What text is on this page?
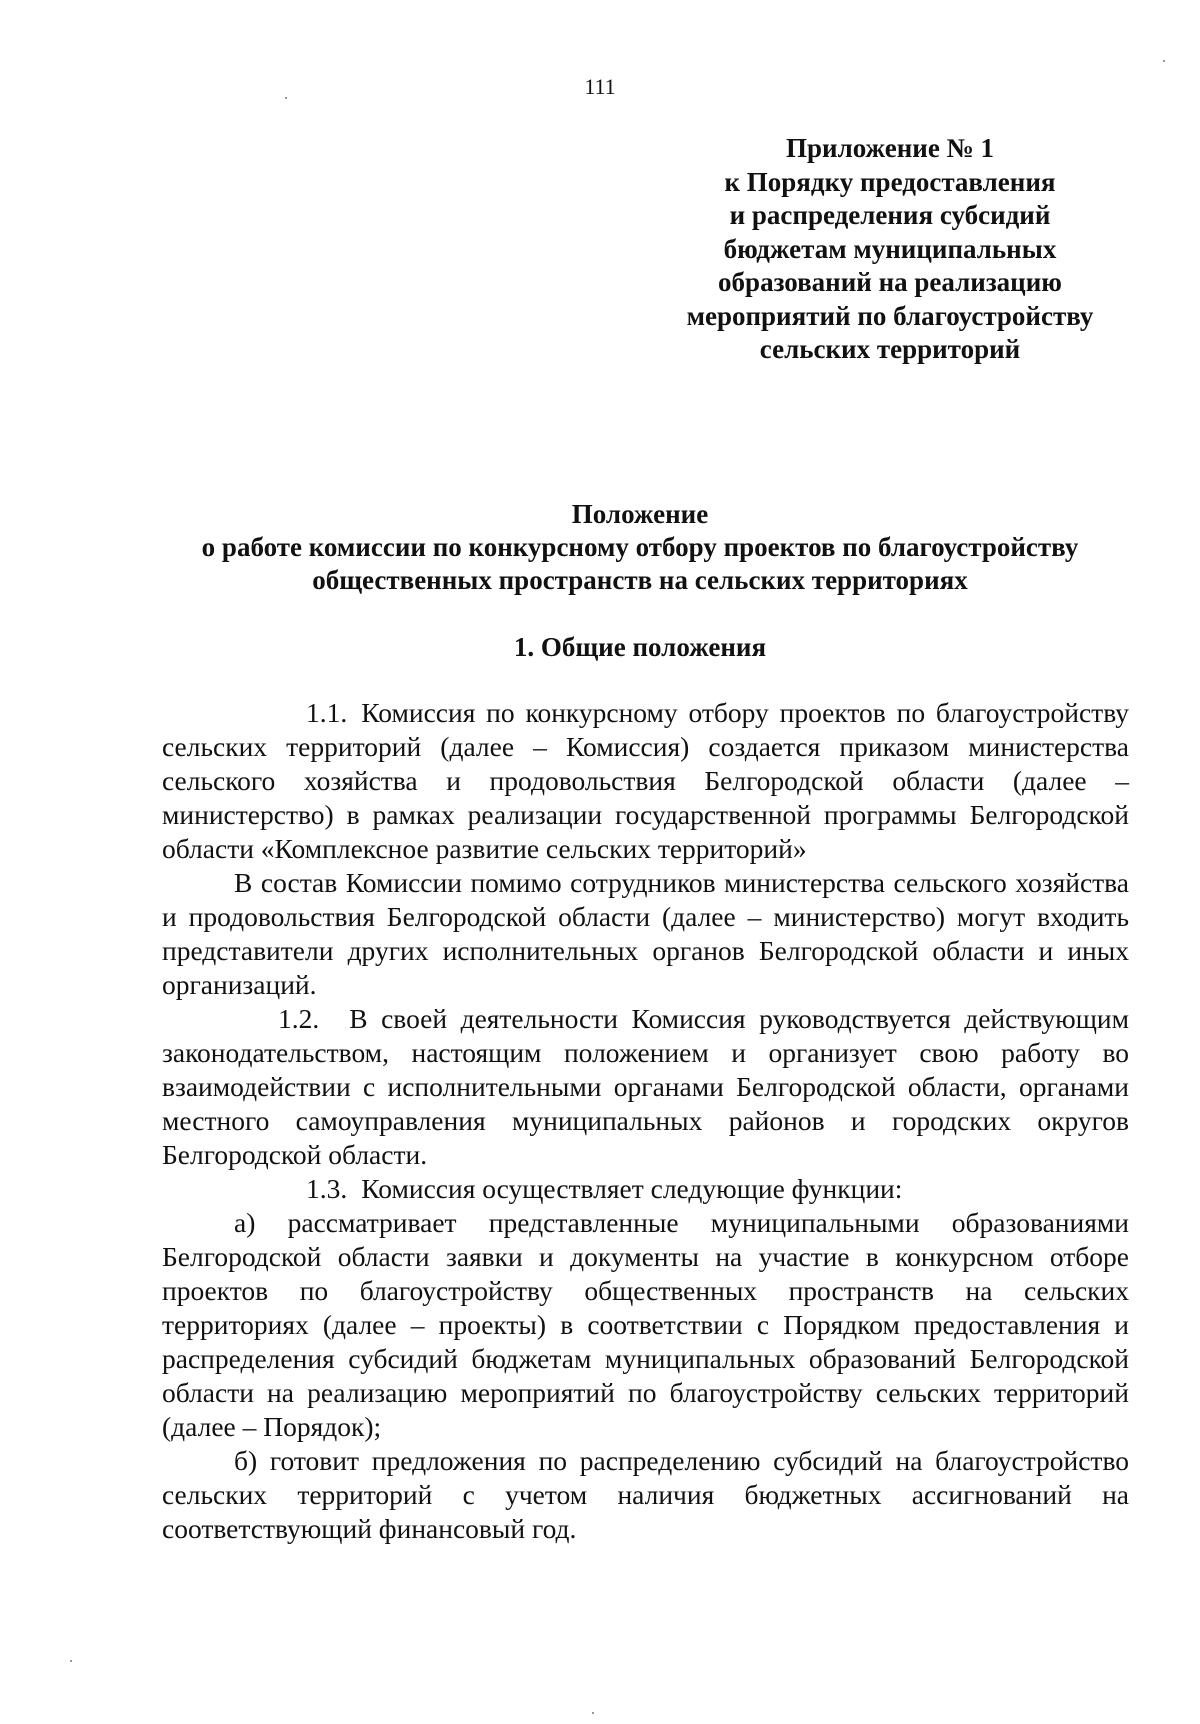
111
Приложение № 1
к Порядку предоставления
и распределения субсидий
бюджетам муниципальных
образований на реализацию
мероприятий по благоустройству
сельских территорий
Положение
о работе комиссии по конкурсному отбору проектов по благоустройству
общественных пространств на сельских территориях
1. Общие положения

1.1. Комиссия по конкурсному отбору проектов по благоустройству сельских территорий (далее – Комиссия) создается приказом министерства сельского хозяйства и продовольствия Белгородской области (далее – министерство) в рамках реализации государственной программы Белгородской области «Комплексное развитие сельских территорий»

В состав Комиссии помимо сотрудников министерства сельского хозяйства и продовольствия Белгородской области (далее – министерство) могут входить представители других исполнительных органов Белгородской области и иных организаций.

1.2. В своей деятельности Комиссия руководствуется действующим законодательством, настоящим положением и организует свою работу во взаимодействии с исполнительными органами Белгородской области, органами местного самоуправления муниципальных районов и городских округов Белгородской области.

1.3. Комиссия осуществляет следующие функции:

а) рассматривает представленные муниципальными образованиями Белгородской области заявки и документы на участие в конкурсном отборе проектов по благоустройству общественных пространств на сельских территориях (далее – проекты) в соответствии с Порядком предоставления и распределения субсидий бюджетам муниципальных образований Белгородской области на реализацию мероприятий по благоустройству сельских территорий (далее – Порядок);

б) готовит предложения по распределению субсидий на благоустройство сельских территорий с учетом наличия бюджетных ассигнований на соответствующий финансовый год.
